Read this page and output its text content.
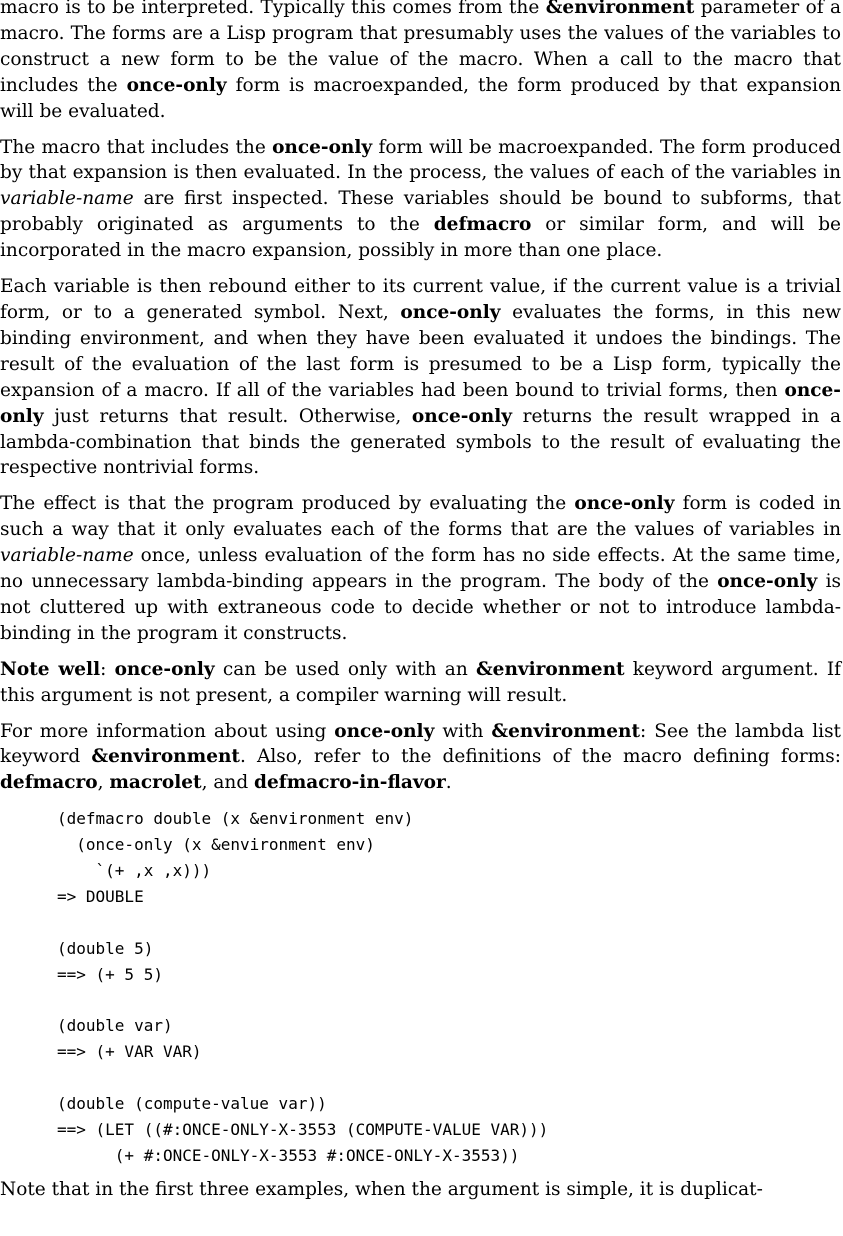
macro is to be interpreted. Typically this comes from the &environment parameter of a macro. The forms are a Lisp program that presumably uses the values of the variables to construct a new form to be the value of the macro. When a call to the macro that includes the once-only form is macroexpanded, the form produced by that expansion will be evaluated.

The macro that includes the once-only form will be macroexpanded. The form produced by that expansion is then evaluated. In the process, the values of each of the variables in variable-name are first inspected. These variables should be bound to subforms, that probably originated as arguments to the defmacro or similar form, and will be incorporated in the macro expansion, possibly in more than one place.

Each variable is then rebound either to its current value, if the current value is a trivial form, or to a generated symbol. Next, once-only evaluates the forms, in this new binding environment, and when they have been evaluated it undoes the bindings. The result of the evaluation of the last form is presumed to be a Lisp form, typically the expansion of a macro. If all of the variables had been bound to trivial forms, then once-only just returns that result. Otherwise, once-only returns the result wrapped in a lambda-combination that binds the generated symbols to the result of evaluating the respective nontrivial forms.

The effect is that the program produced by evaluating the once-only form is coded in such a way that it only evaluates each of the forms that are the values of variables in variable-name once, unless evaluation of the form has no side effects. At the same time, no unnecessary lambda-binding appears in the program. The body of the once-only is not cluttered up with extraneous code to decide whether or not to introduce lambda-binding in the program it constructs.

Note well: once-only can be used only with an &environment keyword argument. If this argument is not present, a compiler warning will result.

For more information about using once-only with &environment: See the lambda list keyword &environment. Also, refer to the definitions of the macro defining forms: defmacro, macrolet, and defmacro-in-flavor.

(defmacro double (x &environment env)
(once-only (x &environment env)
`(+ ,x ,x)))
=> DOUBLE
(double 5)
==> (+ 5 5)
(double var)
==> (+ VAR VAR)
(double (compute-value var))
==> (LET ((#:ONCE-ONLY-X-3553 (COMPUTE-VALUE VAR)))
(+ #:ONCE-ONLY-X-3553 #:ONCE-ONLY-X-3553))

Note that in the first three examples, when the argument is simple, it is duplicat-
